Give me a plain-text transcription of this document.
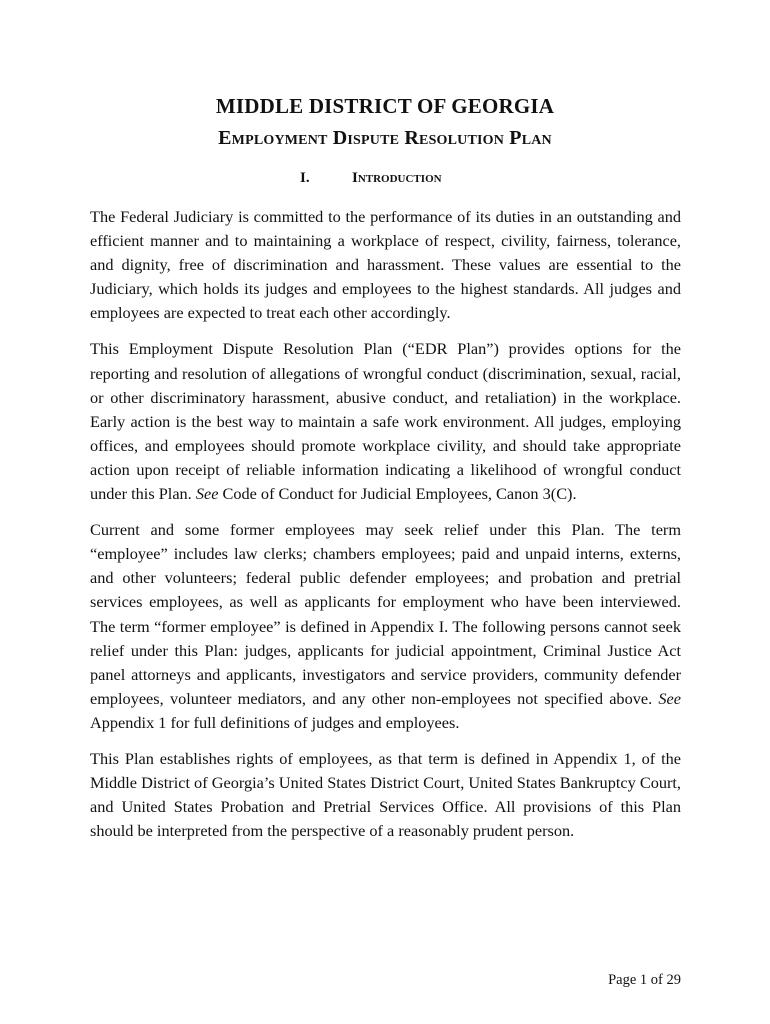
MIDDLE DISTRICT OF GEORGIA
Employment Dispute Resolution Plan
I.	Introduction

The Federal Judiciary is committed to the performance of its duties in an outstanding and efficient manner and to maintaining a workplace of respect, civility, fairness, tolerance, and dignity, free of discrimination and harassment. These values are essential to the Judiciary, which holds its judges and employees to the highest standards. All judges and employees are expected to treat each other accordingly.

This Employment Dispute Resolution Plan (“EDR Plan”) provides options for the reporting and resolution of allegations of wrongful conduct (discrimination, sexual, racial, or other discriminatory harassment, abusive conduct, and retaliation) in the workplace. Early action is the best way to maintain a safe work environment. All judges, employing offices, and employees should promote workplace civility, and should take appropriate action upon receipt of reliable information indicating a likelihood of wrongful conduct under this Plan. See Code of Conduct for Judicial Employees, Canon 3(C).

Current and some former employees may seek relief under this Plan. The term “employee” includes law clerks; chambers employees; paid and unpaid interns, externs, and other volunteers; federal public defender employees; and probation and pretrial services employees, as well as applicants for employment who have been interviewed. The term “former employee” is defined in Appendix I. The following persons cannot seek relief under this Plan: judges, applicants for judicial appointment, Criminal Justice Act panel attorneys and applicants, investigators and service providers, community defender employees, volunteer mediators, and any other non-employees not specified above. See Appendix 1 for full definitions of judges and employees.

This Plan establishes rights of employees, as that term is defined in Appendix 1, of the Middle District of Georgia’s United States District Court, United States Bankruptcy Court, and United States Probation and Pretrial Services Office. All provisions of this Plan should be interpreted from the perspective of a reasonably prudent person.

Page 1 of 29
